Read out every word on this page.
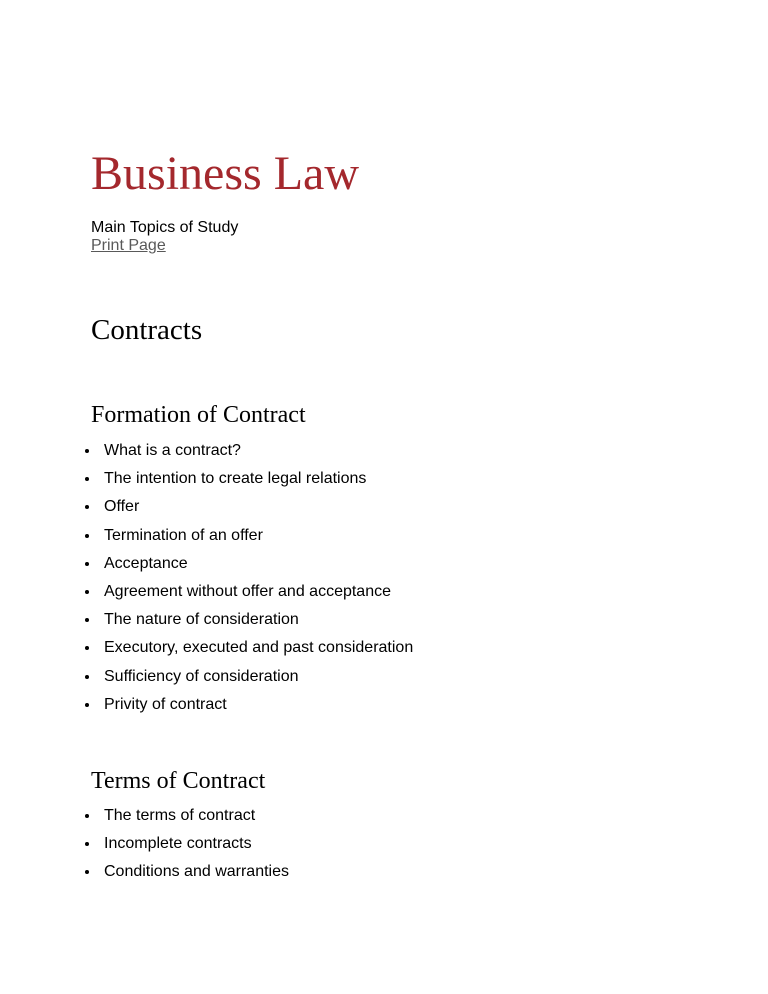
Business Law
Main Topics of Study
Print Page
Contracts
Formation of Contract
What is a contract?
The intention to create legal relations
Offer
Termination of an offer
Acceptance
Agreement without offer and acceptance
The nature of consideration
Executory, executed and past consideration
Sufficiency of consideration
Privity of contract
Terms of Contract
The terms of contract
Incomplete contracts
Conditions and warranties
